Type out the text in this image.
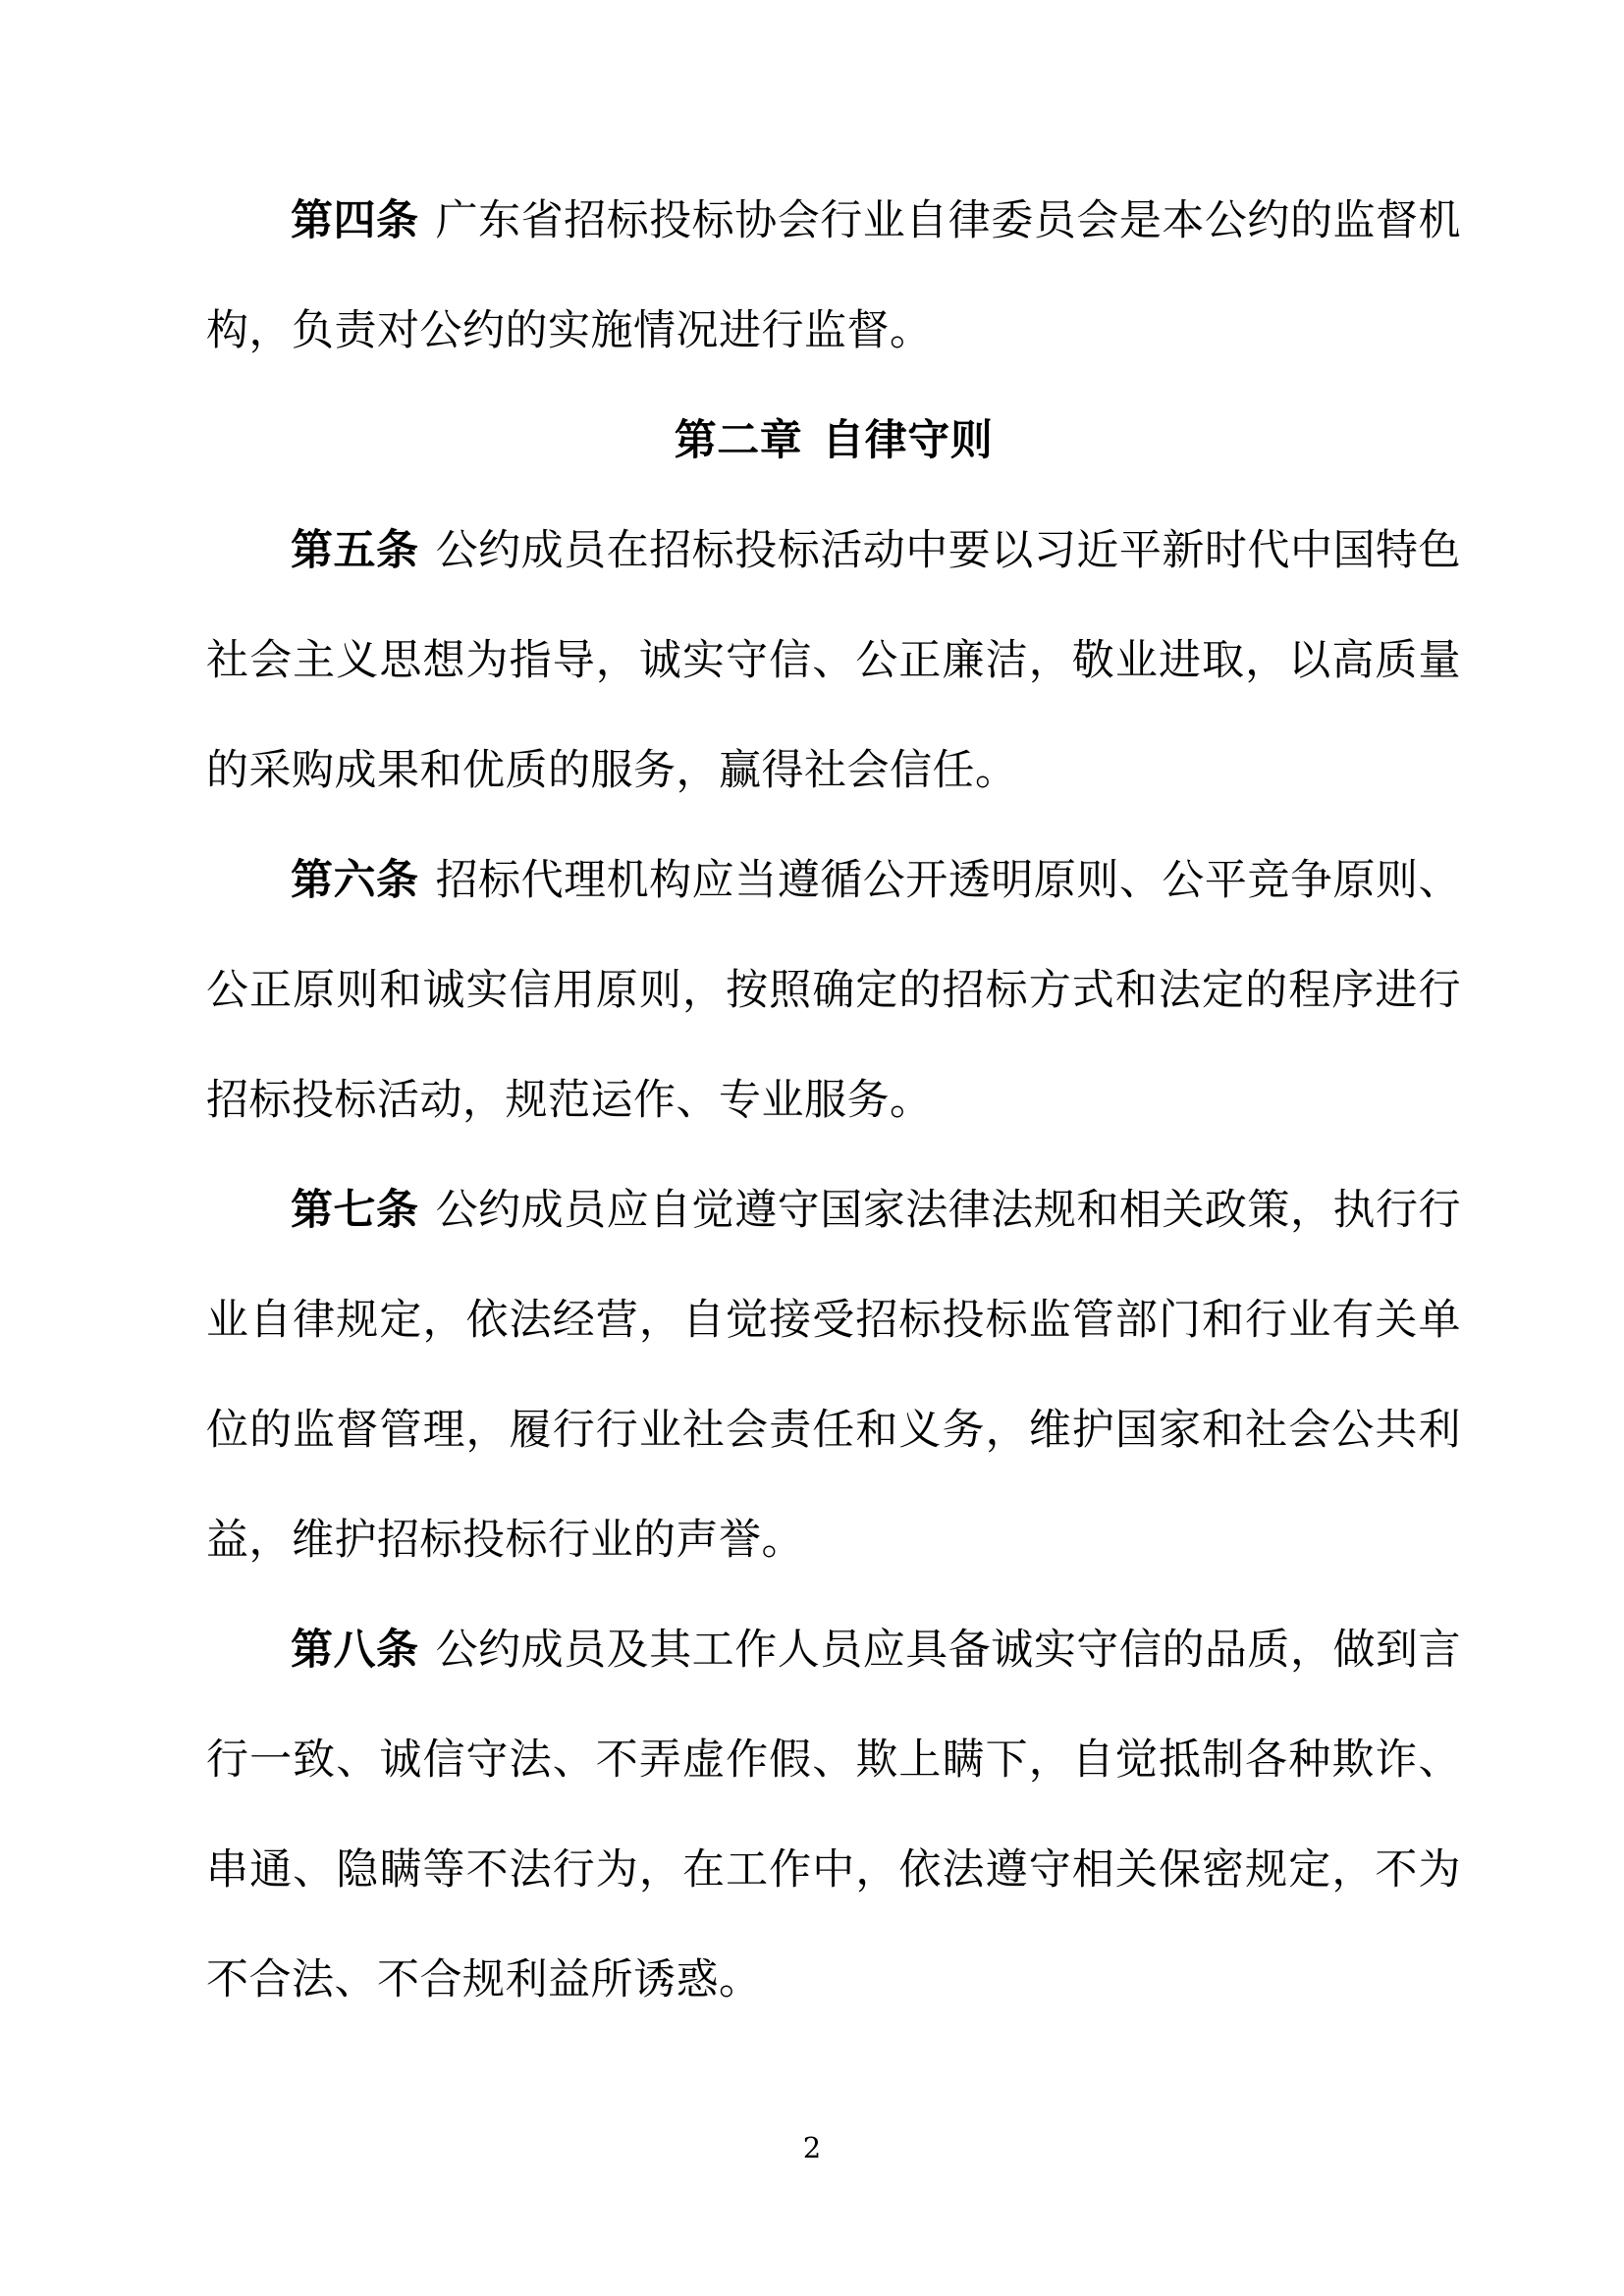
第四条 广东省招标投标协会行业自律委员会是本公约的监督机构，负责对公约的实施情况进行监督。

第二章 自律守则

第五条 公约成员在招标投标活动中要以习近平新时代中国特色社会主义思想为指导，诚实守信、公正廉洁，敬业进取，以高质量的采购成果和优质的服务，赢得社会信任。

第六条 招标代理机构应当遵循公开透明原则、公平竞争原则、公正原则和诚实信用原则，按照确定的招标方式和法定的程序进行招标投标活动，规范运作、专业服务。

第七条 公约成员应自觉遵守国家法律法规和相关政策，执行行业自律规定，依法经营，自觉接受招标投标监管部门和行业有关单位的监督管理，履行行业社会责任和义务，维护国家和社会公共利益，维护招标投标行业的声誉。

第八条 公约成员及其工作人员应具备诚实守信的品质，做到言行一致、诚信守法、不弄虚作假、欺上瞒下，自觉抵制各种欺诈、串通、隐瞒等不法行为，在工作中，依法遵守相关保密规定，不为不合法、不合规利益所诱惑。

2
